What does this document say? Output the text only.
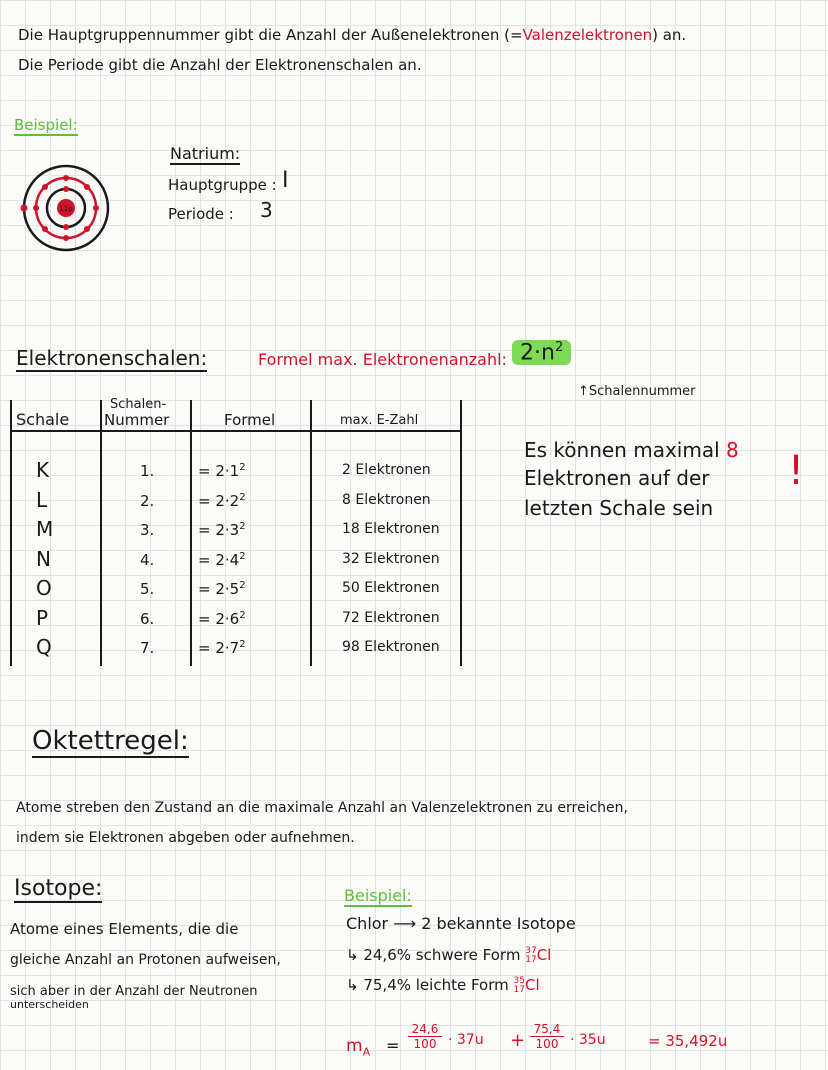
Die Hauptgruppennummer gibt die Anzahl der Außenelektronen (=Valenzelektronen) an.
Die Periode gibt die Anzahl der Elektronenschalen an.
Beispiel:
11p
Natrium:
Hauptgruppe : I
Periode : 3
Elektronenschalen:	Formel max. Elektronenanzahl: $2\cdot n^2$
↑Schalennummer
Schale
Schalen-
Nummer	Formel	max. E-Zahl
K	1.	= $2\cdot 1^2$	2 Elektronen
L	2.	= $2\cdot 2^2$	8 Elektronen
M	3.	= $2\cdot 3^2$	18 Elektronen
N	4.	= $2\cdot 4^2$	32 Elektronen
O	5.	= $2\cdot 5^2$	50 Elektronen
P	6.	= $2\cdot 6^2$	72 Elektronen
Q	7.	= $2\cdot 7^2$	98 Elektronen
Es können maximal 8
Elektronen auf der
letzten Schale sein
!
Oktettregel:
Atome streben den Zustand an die maximale Anzahl an Valenzelektronen zu erreichen,
indem sie Elektronen abgeben oder aufnehmen.
Isotope:
Atome eines Elements, die die
gleiche Anzahl an Protonen aufweisen,
sich aber in der Anzahl der Neutronen
unterscheiden
Beispiel:
Chlor ⟶ 2 bekannte Isotope
↳ 24,6% schwere Form 37
17Cl
↳ 75,4% leichte Form 35
17Cl
$m_A$ =
24,6
100 · 37u +
75,4
100 · 35u	= 35,492u
